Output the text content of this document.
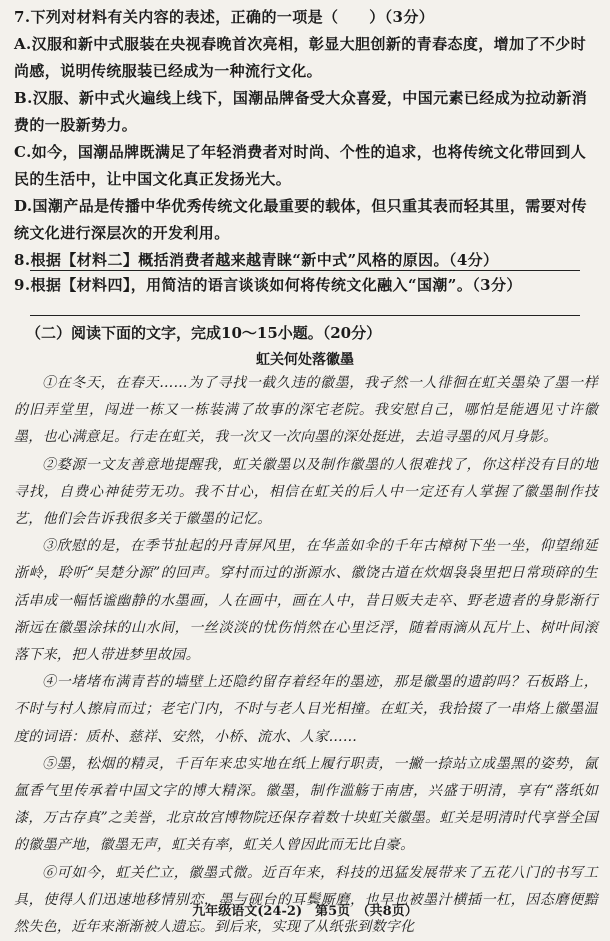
7.下列对材料有关内容的表述，正确的一项是（　　）（3分）

A.汉服和新中式服装在央视春晚首次亮相，彰显大胆创新的青春态度，增加了不少时尚感，说明传统服装已经成为一种流行文化。

B.汉服、新中式火遍线上线下，国潮品牌备受大众喜爱，中国元素已经成为拉动新消费的一股新势力。

C.如今，国潮品牌既满足了年轻消费者对时尚、个性的追求，也将传统文化带回到人民的生活中，让中国文化真正发扬光大。

D.国潮产品是传播中华优秀传统文化最重要的载体，但只重其表而轻其里，需要对传统文化进行深层次的开发利用。

8.根据【材料二】概括消费者越来越青睐“新中式”风格的原因。（4分）

9.根据【材料四】，用简洁的语言谈谈如何将传统文化融入“国潮”。（3分）

（二）阅读下面的文字，完成10～15小题。（20分）
虹关何处落徽墨

①在冬天，在春天……为了寻找一截久违的徽墨，我孑然一人徘徊在虹关墨染了墨一样的旧弄堂里，闯进一栋又一栋装满了故事的深宅老院。我安慰自己，哪怕是能遇见寸许徽墨，也心满意足。行走在虹关，我一次又一次向墨的深处挺进，去追寻墨的风月身影。

②婺源一文友善意地提醒我，虹关徽墨以及制作徽墨的人很难找了，你这样没有目的地寻找，自费心神徒劳无功。我不甘心，相信在虹关的后人中一定还有人掌握了徽墨制作技艺，他们会告诉我很多关于徽墨的记忆。

③欣慰的是，在季节扯起的丹青屏风里，在华盖如伞的千年古樟树下坐一坐，仰望绵延浙岭，聆听“吴楚分源”的回声。穿村而过的浙源水、徽饶古道在炊烟袅袅里把日常琐碎的生活串成一幅恬谧幽静的水墨画，人在画中，画在人中，昔日贩夫走卒、野老遗者的身影渐行渐远在徽墨涂抹的山水间，一丝淡淡的忧伤悄然在心里泛浮，随着雨滴从瓦片上、树叶间滚落下来，把人带进梦里故园。

④一堵堵布满青苔的墙壁上还隐约留存着经年的墨迹，那是徽墨的遗韵吗？石板路上，不时与村人擦肩而过；老宅门内，不时与老人目光相撞。在虹关，我拾掇了一串烙上徽墨温度的词语：质朴、慈祥、安然，小桥、流水、人家……

⑤墨，松烟的精灵，千百年来忠实地在纸上履行职责，一撇一捺站立成墨黑的姿势，氤氲香气里传承着中国文字的博大精深。徽墨，制作滥觞于南唐，兴盛于明清，享有“落纸如漆，万古存真”之美誉，北京故宫博物院还保存着数十块虹关徽墨。虹关是明清时代享誉全国的徽墨产地，徽墨无声，虹关有率，虹关人曾因此而无比自豪。

⑥可如今，虹关伫立，徽墨式微。近百年来，科技的迅猛发展带来了五花八门的书写工具，使得人们迅速地移情别恋，墨与砚台的耳鬓厮磨，也早也被墨汁横插一杠，因态磨便黯然失色，近年来渐渐被人遗忘。到后来，实现了从纸张到数字化

九年级语文(24-2)　第5页　（共8页）
